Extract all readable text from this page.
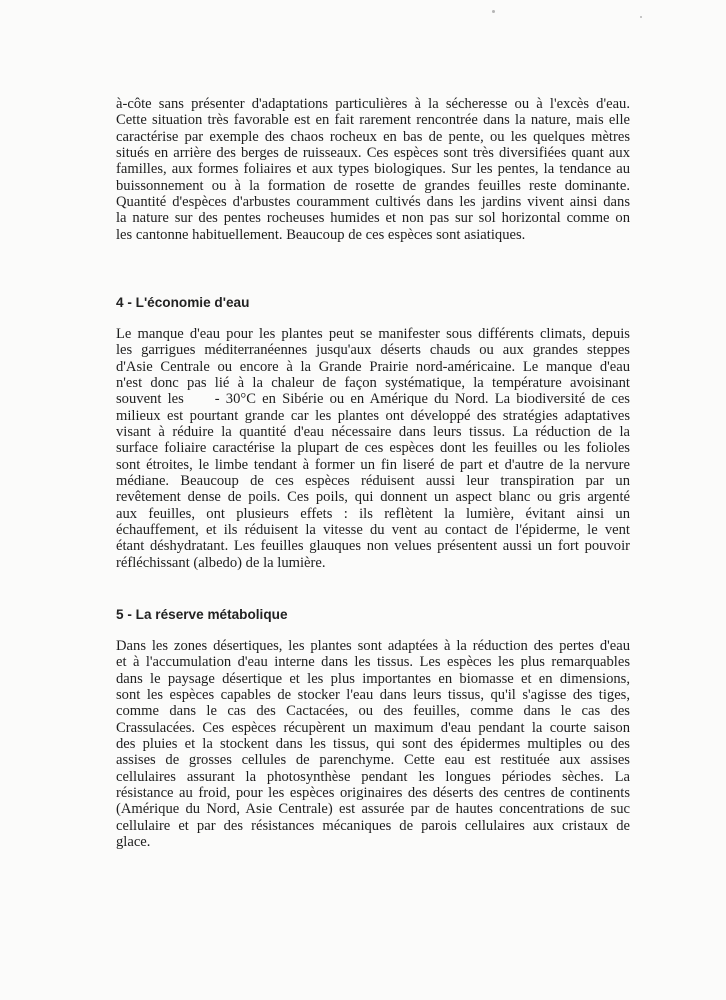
à-côte sans présenter d'adaptations particulières à la sécheresse ou à l'excès d'eau.
Cette situation très favorable est en fait rarement rencontrée dans la nature, mais elle
caractérise par exemple des chaos rocheux en bas de pente, ou les quelques mètres
situés en arrière des berges de ruisseaux. Ces espèces sont très diversifiées quant aux
familles, aux formes foliaires et aux types biologiques. Sur les pentes, la tendance au
buissonnement ou à la formation de rosette de grandes feuilles reste dominante.
Quantité d'espèces d'arbustes couramment cultivés dans les jardins vivent ainsi dans
la nature sur des pentes rocheuses humides et non pas sur sol horizontal comme on
les cantonne habituellement. Beaucoup de ces espèces sont asiatiques.
4 - L'économie d'eau
Le manque d'eau pour les plantes peut se manifester sous différents climats, depuis
les garrigues méditerranéennes jusqu'aux déserts chauds ou aux grandes steppes
d'Asie Centrale ou encore à la Grande Prairie nord-américaine. Le manque d'eau
n'est donc pas lié à la chaleur de façon systématique, la température avoisinant
souvent les     - 30°C en Sibérie ou en Amérique du Nord. La biodiversité de ces
milieux est pourtant grande car les plantes ont développé des stratégies adaptatives
visant à réduire la quantité d'eau nécessaire dans leurs tissus. La réduction de la
surface foliaire caractérise la plupart de ces espèces dont les feuilles ou les folioles
sont étroites, le limbe tendant à former un fin liseré de part et d'autre de la nervure
médiane. Beaucoup de ces espèces réduisent aussi leur transpiration par un
revêtement dense de poils. Ces poils, qui donnent un aspect blanc ou gris argenté
aux feuilles, ont plusieurs effets : ils reflètent la lumière, évitant ainsi un
échauffement, et ils réduisent la vitesse du vent au contact de l'épiderme, le vent
étant déshydratant. Les feuilles glauques non velues présentent aussi un fort pouvoir
réfléchissant (albedo) de la lumière.
5 - La réserve métabolique
Dans les zones désertiques, les plantes sont adaptées à la réduction des pertes d'eau
et à l'accumulation d'eau interne dans les tissus. Les espèces les plus remarquables
dans le paysage désertique et les plus importantes en biomasse et en dimensions,
sont les espèces capables de stocker l'eau dans leurs tissus, qu'il s'agisse des tiges,
comme dans le cas des Cactacées, ou des feuilles, comme dans le cas des
Crassulacées. Ces espèces récupèrent un maximum d'eau pendant la courte saison
des pluies et la stockent dans les tissus, qui sont des épidermes multiples ou des
assises de grosses cellules de parenchyme. Cette eau est restituée aux assises
cellulaires assurant la photosynthèse pendant les longues périodes sèches. La
résistance au froid, pour les espèces originaires des déserts des centres de continents
(Amérique du Nord, Asie Centrale) est assurée par de hautes concentrations de suc
cellulaire et par des résistances mécaniques de parois cellulaires aux cristaux de
glace.
